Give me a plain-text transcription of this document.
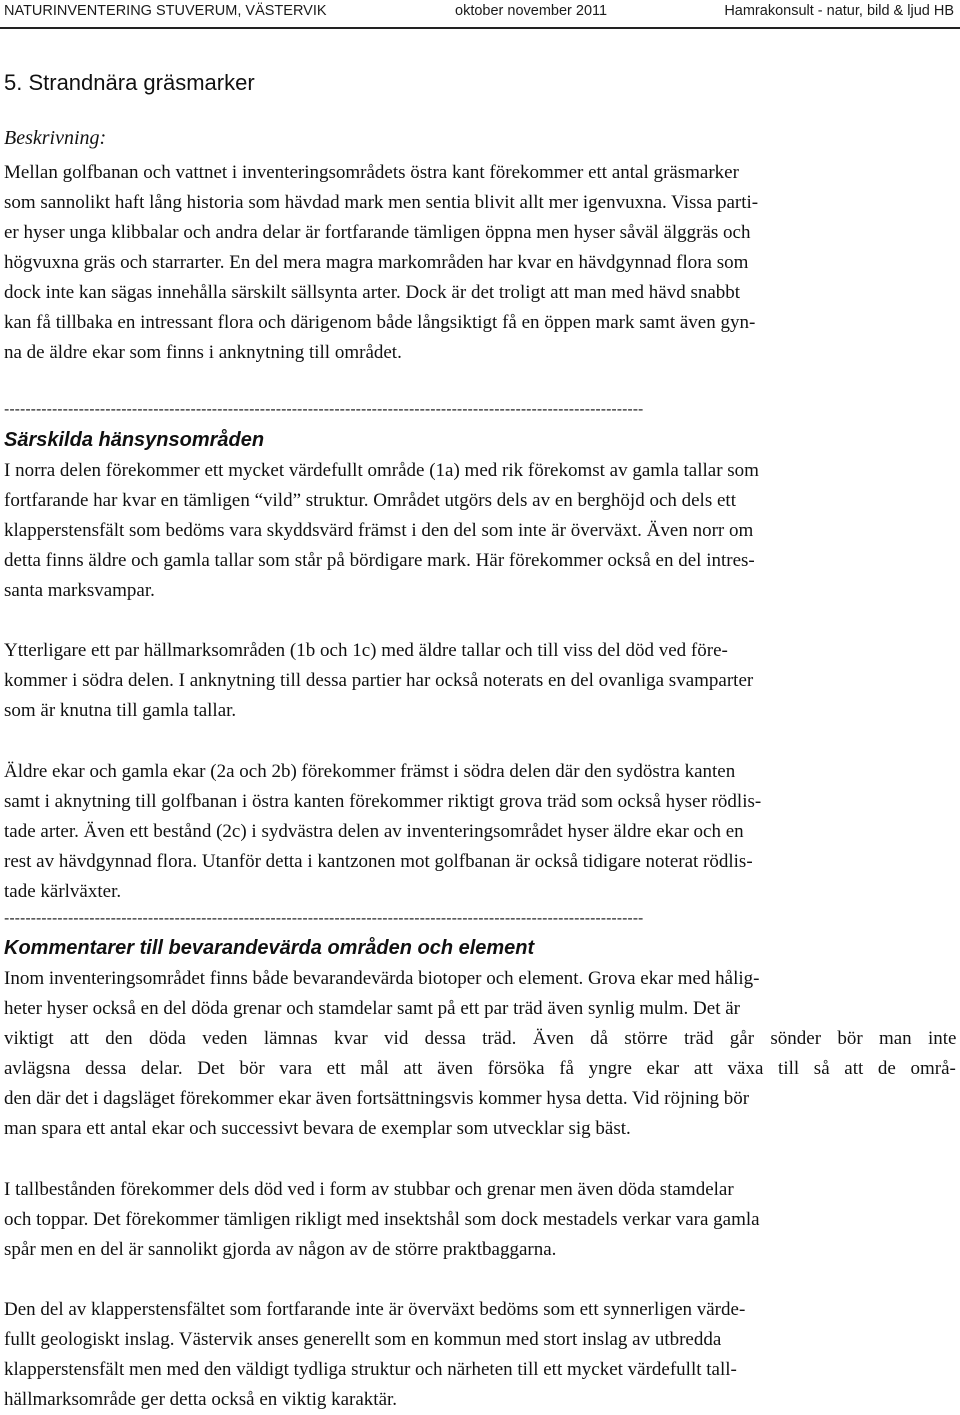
NATURINVENTERING STUVERUM, VÄSTERVIK	oktober november 2011	Hamrakonsult - natur, bild & ljud HB
5. Strandnära gräsmarker
Beskrivning:
Mellan golfbanan och vattnet i inventeringsområdets östra kant förekommer ett antal gräsmarker
som sannolikt haft lång historia som hävdad mark men sentia blivit allt mer igenvuxna. Vissa parti-
er hyser unga klibbalar och andra delar är fortfarande tämligen öppna men hyser såväl älggräs och
högvuxna gräs och starrarter. En del mera magra markområden har kvar en hävdgynnad flora som
dock inte kan sägas innehålla särskilt sällsynta arter. Dock är det troligt att man med hävd snabbt
kan få tillbaka en intressant flora och därigenom både långsiktigt få en öppen mark samt även gyn-
na de äldre ekar som finns i anknytning till området.
------------------------------------------------------------------------------------------------------------------------
Särskilda hänsynsområden
I norra delen förekommer ett mycket värdefullt område (1a) med rik förekomst av gamla tallar som
fortfarande har kvar en tämligen “vild” struktur. Området utgörs dels av en berghöjd och dels ett
klapperstensfält som bedöms vara skyddsvärd främst i den del som inte är överväxt. Även norr om
detta finns äldre och gamla tallar som står på bördigare mark. Här förekommer också en del intres-
santa marksvampar.
Ytterligare ett par hällmarksområden (1b och 1c) med äldre tallar och till viss del död ved före-
kommer i södra delen. I anknytning till dessa partier har också noterats en del ovanliga svamparter
som är knutna till gamla tallar.
Äldre ekar och gamla ekar (2a och 2b) förekommer främst i södra delen där den sydöstra kanten
samt i aknytning till golfbanan i östra kanten förekommer riktigt grova träd som också hyser rödlis-
tade arter. Även ett bestånd (2c) i sydvästra delen av inventeringsområdet hyser äldre ekar och en
rest av hävdgynnad flora. Utanför detta i kantzonen mot golfbanan är också tidigare noterat rödlis-
tade kärlväxter.
------------------------------------------------------------------------------------------------------------------------
Kommentarer till bevarandevärda områden och element
Inom inventeringsområdet finns både bevarandevärda biotoper och element. Grova ekar med hålig-
heter hyser också en del döda grenar och stamdelar samt på ett par träd även synlig mulm. Det är
viktigt att den döda veden lämnas kvar vid dessa träd. Även då större träd går sönder bör man inte
avlägsna dessa delar. Det bör vara ett mål att även försöka få yngre ekar att växa till så att de områ-
den där det i dagsläget förekommer ekar även fortsättningsvis kommer hysa detta. Vid röjning bör
man spara ett antal ekar och successivt bevara de exemplar som utvecklar sig bäst.
I tallbestånden förekommer dels död ved i form av stubbar och grenar men även döda stamdelar
och toppar. Det förekommer tämligen rikligt med insektshål som dock mestadels verkar vara gamla
spår men en del är sannolikt gjorda av någon av de större praktbaggarna.
Den del av klapperstensfältet som fortfarande inte är överväxt bedöms som ett synnerligen värde-
fullt geologiskt inslag. Västervik anses generellt som en kommun med stort inslag av utbredda
klapperstensfält men med den väldigt tydliga struktur och närheten till ett mycket värdefullt tall-
hällmarksområde ger detta också en viktig karaktär.
